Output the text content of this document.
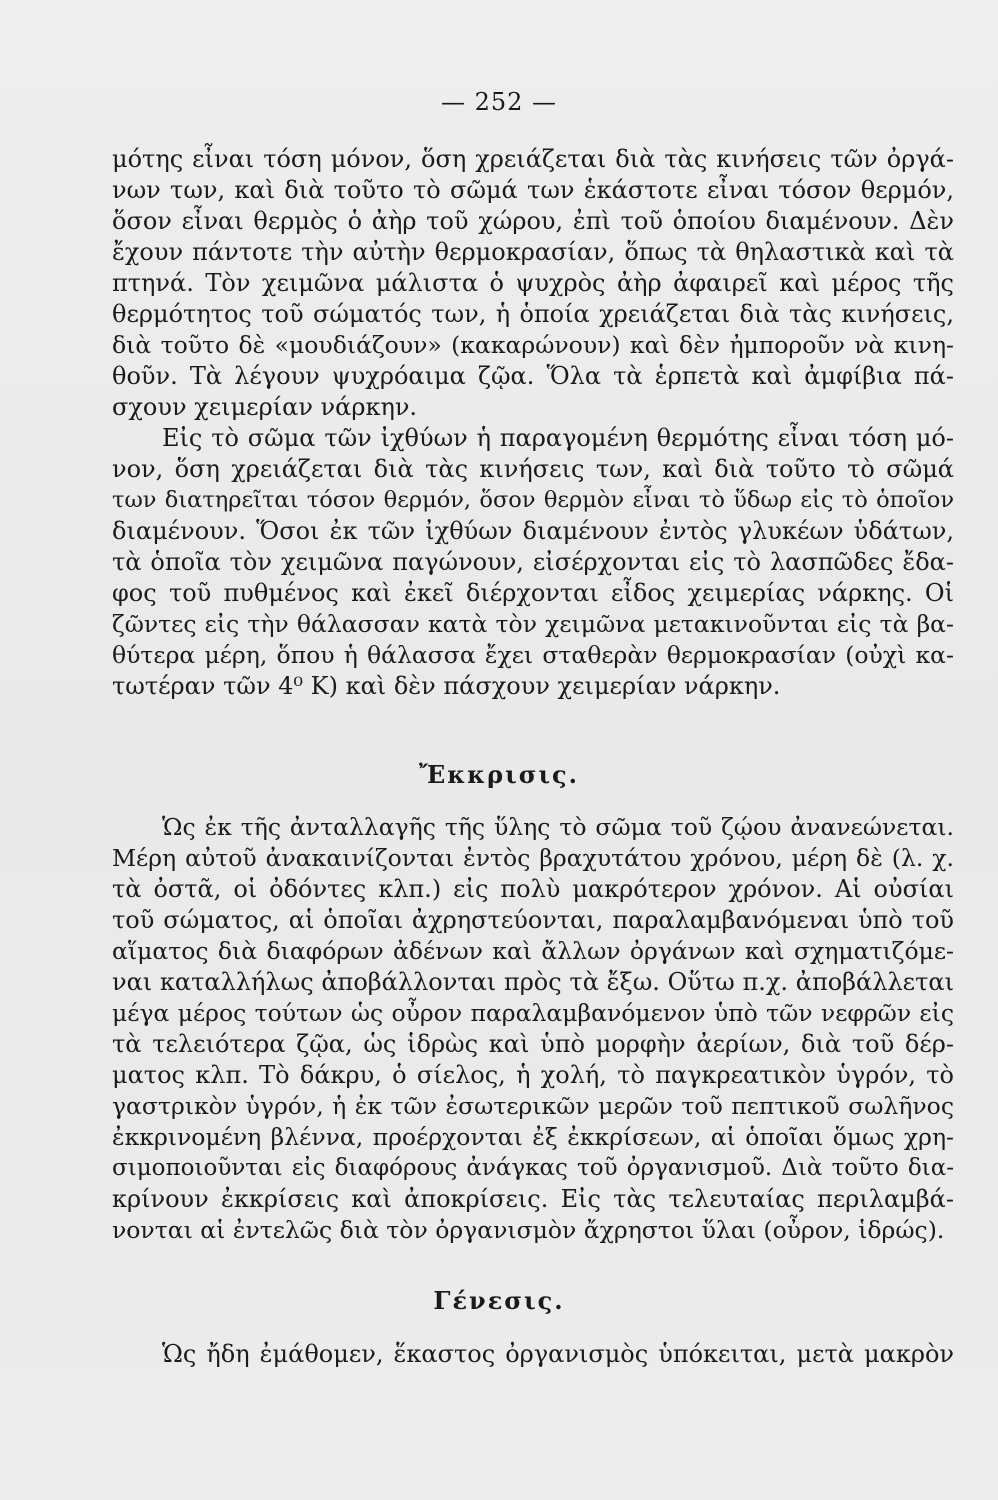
— 252 —
μότης εἶναι τόση μόνον, ὅση χρειάζεται διὰ τὰς κινήσεις τῶν ὀργά-
νων των, καὶ διὰ τοῦτο τὸ σῶμά των ἑκάστοτε εἶναι τόσον θερμόν,
ὅσον εἶναι θερμὸς ὁ ἀὴρ τοῦ χώρου, ἐπὶ τοῦ ὁποίου διαμένουν. Δὲν
ἔχουν πάντοτε τὴν αὐτὴν θερμοκρασίαν, ὅπως τὰ θηλαστικὰ καὶ τὰ
πτηνά. Τὸν χειμῶνα μάλιστα ὁ ψυχρὸς ἀὴρ ἀφαιρεῖ καὶ μέρος τῆς
θερμότητος τοῦ σώματός των, ἡ ὁποία χρειάζεται διὰ τὰς κινήσεις,
διὰ τοῦτο δὲ «μουδιάζουν» (κακαρώνουν) καὶ δὲν ἠμποροῦν νὰ κινη-
θοῦν. Τὰ λέγουν ψυχρόαιμα ζῷα. Ὅλα τὰ ἑρπετὰ καὶ ἀμφίβια πά-
σχουν χειμερίαν νάρκην.
Εἰς τὸ σῶμα τῶν ἰχθύων ἡ παραγομένη θερμότης εἶναι τόση μό-
νον, ὅση χρειάζεται διὰ τὰς κινήσεις των, καὶ διὰ τοῦτο τὸ σῶμά
των διατηρεῖται τόσον θερμόν, ὅσον θερμὸν εἶναι τὸ ὕδωρ εἰς τὸ ὁποῖον
διαμένουν. Ὅσοι ἐκ τῶν ἰχθύων διαμένουν ἐντὸς γλυκέων ὑδάτων,
τὰ ὁποῖα τὸν χειμῶνα παγώνουν, εἰσέρχονται εἰς τὸ λασπῶδες ἔδα-
φος τοῦ πυθμένος καὶ ἐκεῖ διέρχονται εἶδος χειμερίας νάρκης. Οἱ
ζῶντες εἰς τὴν θάλασσαν κατὰ τὸν χειμῶνα μετακινοῦνται εἰς τὰ βα-
θύτερα μέρη, ὅπου ἡ θάλασσα ἔχει σταθερὰν θερμοκρασίαν (οὐχὶ κα-
τωτέραν τῶν 4⁰ Κ) καὶ δὲν πάσχουν χειμερίαν νάρκην.
Ἔκκρισις.
Ὡς ἐκ τῆς ἀνταλλαγῆς τῆς ὕλης τὸ σῶμα τοῦ ζῴου ἀνανεώνεται.
Μέρη αὐτοῦ ἀνακαινίζονται ἐντὸς βραχυτάτου χρόνου, μέρη δὲ (λ. χ.
τὰ ὀστᾶ, οἱ ὀδόντες κλπ.) εἰς πολὺ μακρότερον χρόνον. Αἱ οὐσίαι
τοῦ σώματος, αἱ ὁποῖαι ἀχρηστεύονται, παραλαμβανόμεναι ὑπὸ τοῦ
αἵματος διὰ διαφόρων ἀδένων καὶ ἄλλων ὀργάνων καὶ σχηματιζόμε-
ναι καταλλήλως ἀποβάλλονται πρὸς τὰ ἔξω. Οὕτω π.χ. ἀποβάλλεται
μέγα μέρος τούτων ὡς οὖρον παραλαμβανόμενον ὑπὸ τῶν νεφρῶν εἰς
τὰ τελειότερα ζῷα, ὡς ἱδρὼς καὶ ὑπὸ μορφὴν ἀερίων, διὰ τοῦ δέρ-
ματος κλπ. Τὸ δάκρυ, ὁ σίελος, ἡ χολή, τὸ παγκρεατικὸν ὑγρόν, τὸ
γαστρικὸν ὑγρόν, ἡ ἐκ τῶν ἐσωτερικῶν μερῶν τοῦ πεπτικοῦ σωλῆνος
ἐκκρινομένη βλέννα, προέρχονται ἐξ ἐκκρίσεων, αἱ ὁποῖαι ὅμως χρη-
σιμοποιοῦνται εἰς διαφόρους ἀνάγκας τοῦ ὀργανισμοῦ. Διὰ τοῦτο δια-
κρίνουν ἐκκρίσεις καὶ ἀποκρίσεις. Εἰς τὰς τελευταίας περιλαμβά-
νονται αἱ ἐντελῶς διὰ τὸν ὀργανισμὸν ἄχρηστοι ὕλαι (οὖρον, ἱδρώς).
Γένεσις.
Ὡς ἤδη ἐμάθομεν, ἕκαστος ὀργανισμὸς ὑπόκειται, μετὰ μακρὸν
